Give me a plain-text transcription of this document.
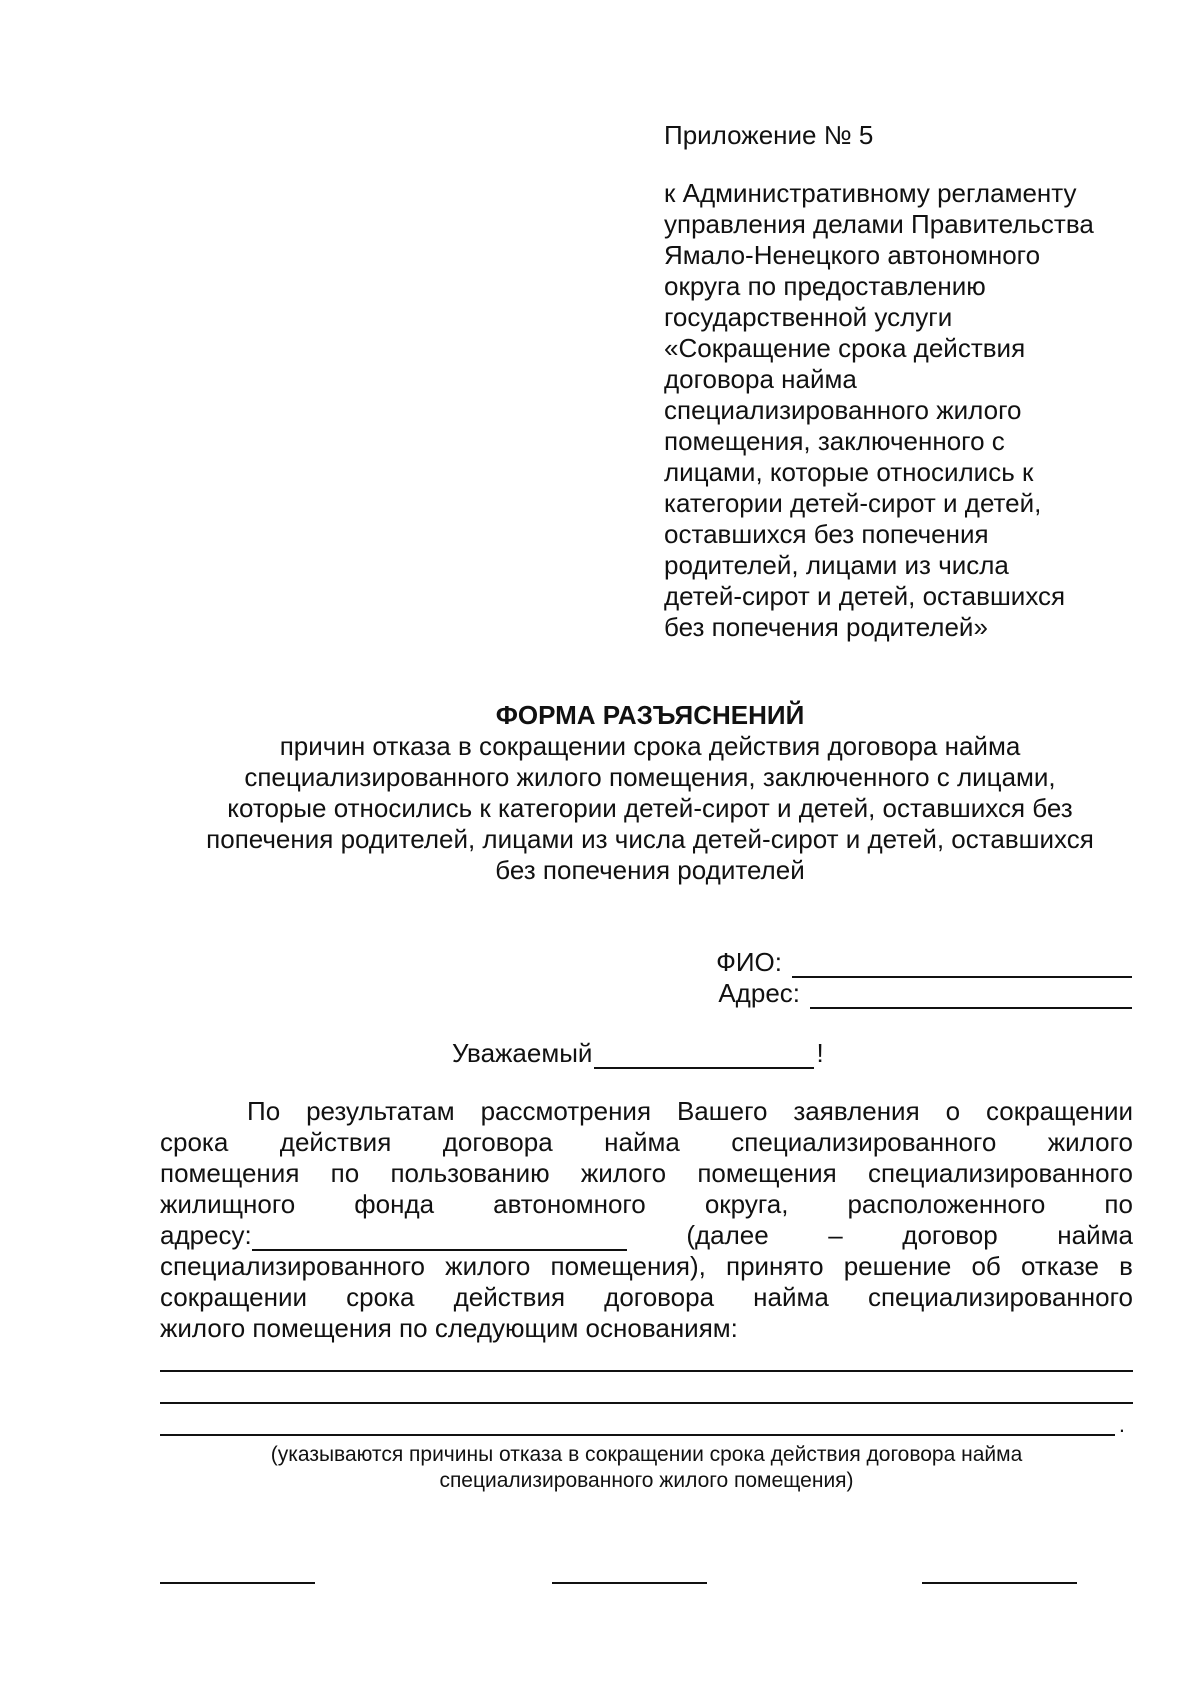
Приложение № 5

к Административному регламенту
управления делами Правительства
Ямало-Ненецкого автономного
округа по предоставлению
государственной услуги
«Сокращение срока действия
договора найма
специализированного жилого
помещения, заключенного с
лицами, которые относились к
категории детей-сирот и детей,
оставшихся без попечения
родителей, лицами из числа
детей-сирот и детей, оставшихся
без попечения родителей»

ФОРМА РАЗЪЯСНЕНИЙ

причин отказа в сокращении срока действия договора найма
специализированного жилого помещения, заключенного с лицами,
которые относились к категории детей-сирот и детей, оставшихся без
попечения родителей, лицами из числа детей-сирот и детей, оставшихся
без попечения родителей
ФИО:
Адрес:
Уважаемый	!
По результатам рассмотрения Вашего заявления о сокращении
срока действия договора найма специализированного жилого
помещения по пользованию жилого помещения специализированного
жилищного фонда автономного округа, расположенного по
адресу:	(далее – договор найма
специализированного жилого помещения), принято решение об отказе в
сокращении срока действия договора найма специализированного
жилого помещения по следующим основаниям:
.
(указываются причины отказа в сокращении срока действия договора найма
специализированного жилого помещения)
